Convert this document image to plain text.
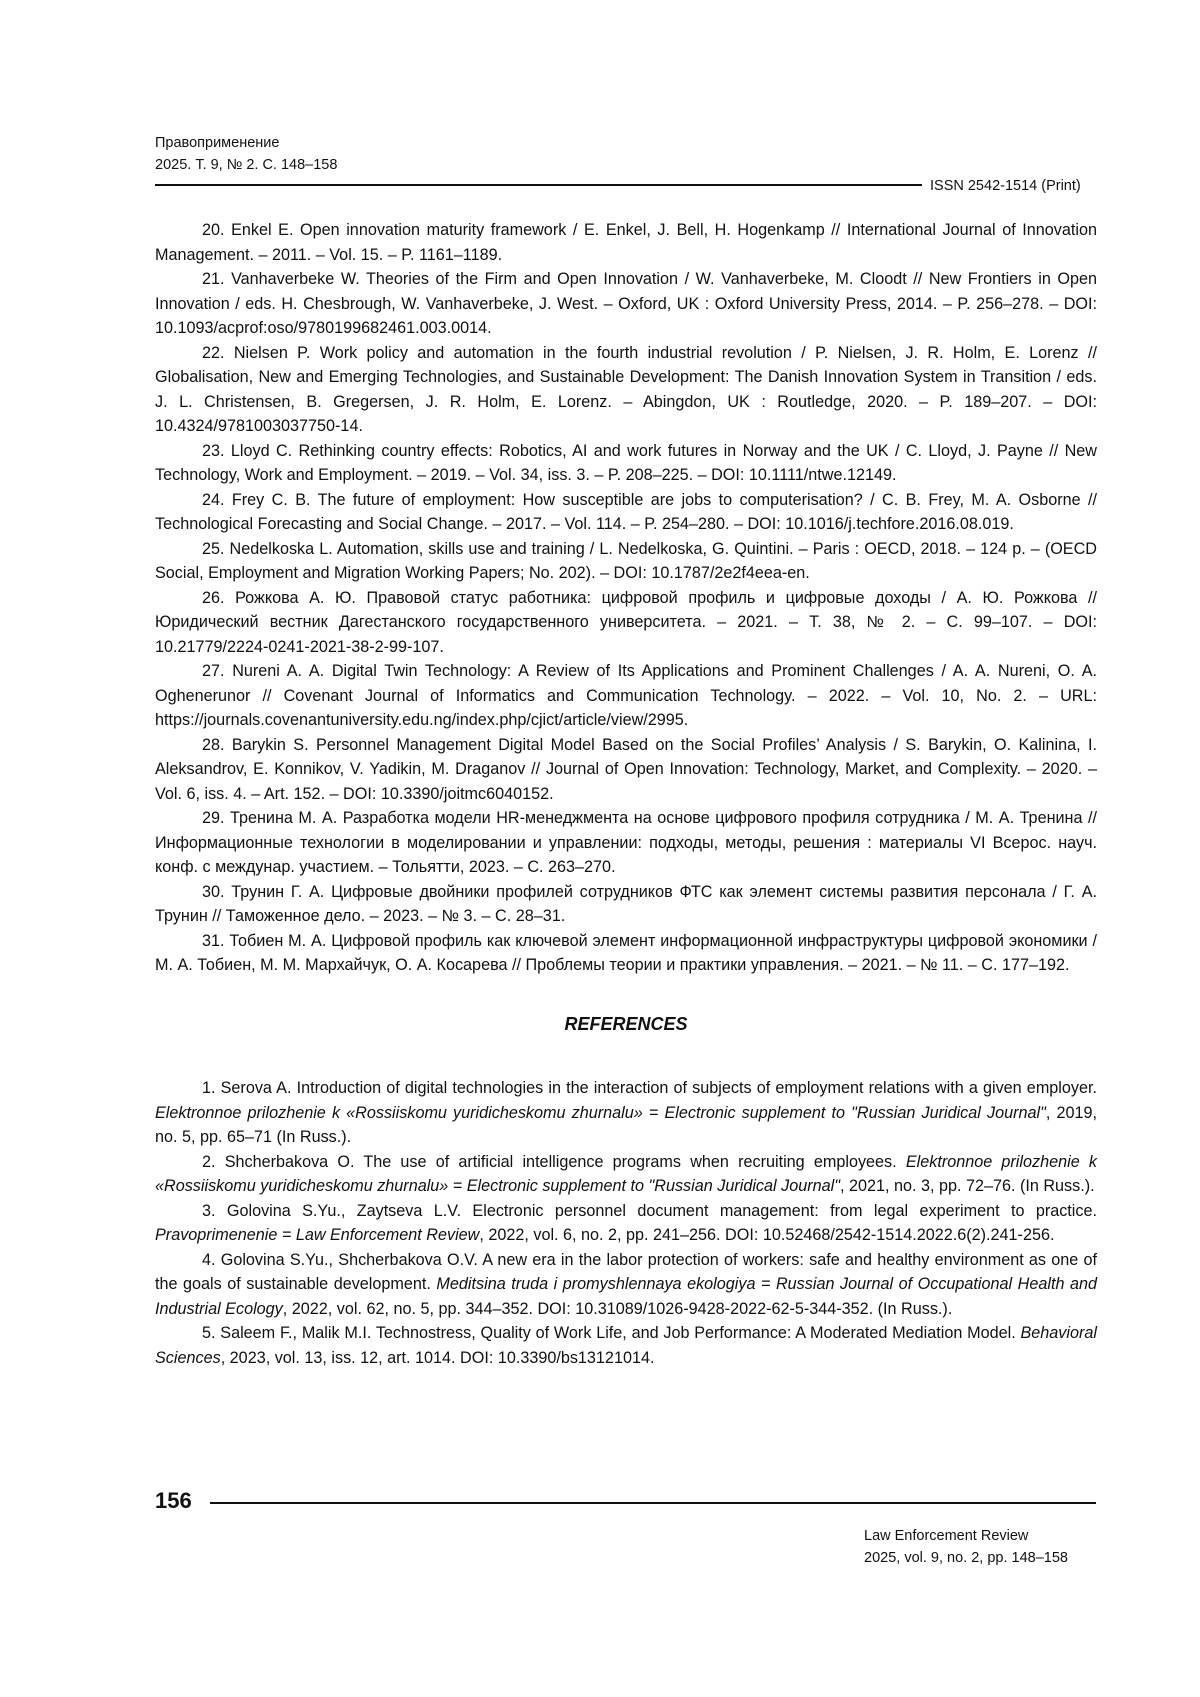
Правоприменение
2025. Т. 9, № 2. С. 148–158
ISSN 2542-1514 (Print)

20. Enkel E. Open innovation maturity framework / E. Enkel, J. Bell, H. Hogenkamp // International Journal of Innovation Management. – 2011. – Vol. 15. – P. 1161–1189.

21. Vanhaverbeke W. Theories of the Firm and Open Innovation / W. Vanhaverbeke, M. Cloodt // New Frontiers in Open Innovation / eds. H. Chesbrough, W. Vanhaverbeke, J. West. – Oxford, UK : Oxford University Press, 2014. – P. 256–278. – DOI: 10.1093/acprof:oso/9780199682461.003.0014.

22. Nielsen P. Work policy and automation in the fourth industrial revolution / P. Nielsen, J. R. Holm, E. Lorenz // Globalisation, New and Emerging Technologies, and Sustainable Development: The Danish Innovation System in Transition / eds. J. L. Christensen, B. Gregersen, J. R. Holm, E. Lorenz. – Abingdon, UK : Routledge, 2020. – P. 189–207. – DOI: 10.4324/9781003037750-14.

23. Lloyd C. Rethinking country effects: Robotics, AI and work futures in Norway and the UK / C. Lloyd, J. Payne // New Technology, Work and Employment. – 2019. – Vol. 34, iss. 3. – P. 208–225. – DOI: 10.1111/ntwe.12149.

24. Frey C. B. The future of employment: How susceptible are jobs to computerisation? / C. B. Frey, M. A. Osborne // Technological Forecasting and Social Change. – 2017. – Vol. 114. – P. 254–280. – DOI: 10.1016/j.techfore.2016.08.019.

25. Nedelkoska L. Automation, skills use and training / L. Nedelkoska, G. Quintini. – Paris : OECD, 2018. – 124 p. – (OECD Social, Employment and Migration Working Papers; No. 202). – DOI: 10.1787/2e2f4eea-en.

26. Рожкова А. Ю. Правовой статус работника: цифровой профиль и цифровые доходы / А. Ю. Рожкова // Юридический вестник Дагестанского государственного университета. – 2021. – Т. 38, № 2. – С. 99–107. – DOI: 10.21779/2224-0241-2021-38-2-99-107.

27. Nureni A. A. Digital Twin Technology: A Review of Its Applications and Prominent Challenges / A. A. Nureni, O. A. Oghenerunor // Covenant Journal of Informatics and Communication Technology. – 2022. – Vol. 10, No. 2. – URL: https://journals.covenantuniversity.edu.ng/index.php/cjict/article/view/2995.

28. Barykin S. Personnel Management Digital Model Based on the Social Profiles’ Analysis / S. Barykin, O. Kalinina, I. Aleksandrov, E. Konnikov, V. Yadikin, M. Draganov // Journal of Open Innovation: Technology, Market, and Complexity. – 2020. – Vol. 6, iss. 4. – Art. 152. – DOI: 10.3390/joitmc6040152.

29. Тренина М. А. Разработка модели HR-менеджмента на основе цифрового профиля сотрудника / М. А. Тренина // Информационные технологии в моделировании и управлении: подходы, методы, решения : материалы VI Всерос. науч. конф. с междунар. участием. – Тольятти, 2023. – С. 263–270.

30. Трунин Г. А. Цифровые двойники профилей сотрудников ФТС как элемент системы развития персонала / Г. А. Трунин // Таможенное дело. – 2023. – № 3. – С. 28–31.

31. Тобиен М. А. Цифровой профиль как ключевой элемент информационной инфраструктуры цифровой экономики / М. А. Тобиен, М. М. Мархайчук, О. А. Косарева // Проблемы теории и практики управления. – 2021. – № 11. – С. 177–192.

REFERENCES

1. Serova A. Introduction of digital technologies in the interaction of subjects of employment relations with a given employer. Elektronnoe prilozhenie k «Rossiiskomu yuridicheskomu zhurnalu» = Electronic supplement to "Russian Juridical Journal", 2019, no. 5, pp. 65–71 (In Russ.).

2. Shcherbakova O. The use of artificial intelligence programs when recruiting employees. Elektronnoe prilozhenie k «Rossiiskomu yuridicheskomu zhurnalu» = Electronic supplement to "Russian Juridical Journal", 2021, no. 3, pp. 72–76. (In Russ.).

3. Golovina S.Yu., Zaytseva L.V. Electronic personnel document management: from legal experiment to practice. Pravoprimenenie = Law Enforcement Review, 2022, vol. 6, no. 2, pp. 241–256. DOI: 10.52468/2542-1514.2022.6(2).241-256.

4. Golovina S.Yu., Shcherbakova O.V. A new era in the labor protection of workers: safe and healthy environment as one of the goals of sustainable development. Meditsina truda i promyshlennaya ekologiya = Russian Journal of Occupational Health and Industrial Ecology, 2022, vol. 62, no. 5, pp. 344–352. DOI: 10.31089/1026-9428-2022-62-5-344-352. (In Russ.).

5. Saleem F., Malik M.I. Technostress, Quality of Work Life, and Job Performance: A Moderated Mediation Model. Behavioral Sciences, 2023, vol. 13, iss. 12, art. 1014. DOI: 10.3390/bs13121014.

156
Law Enforcement Review
2025, vol. 9, no. 2, pp. 148–158
